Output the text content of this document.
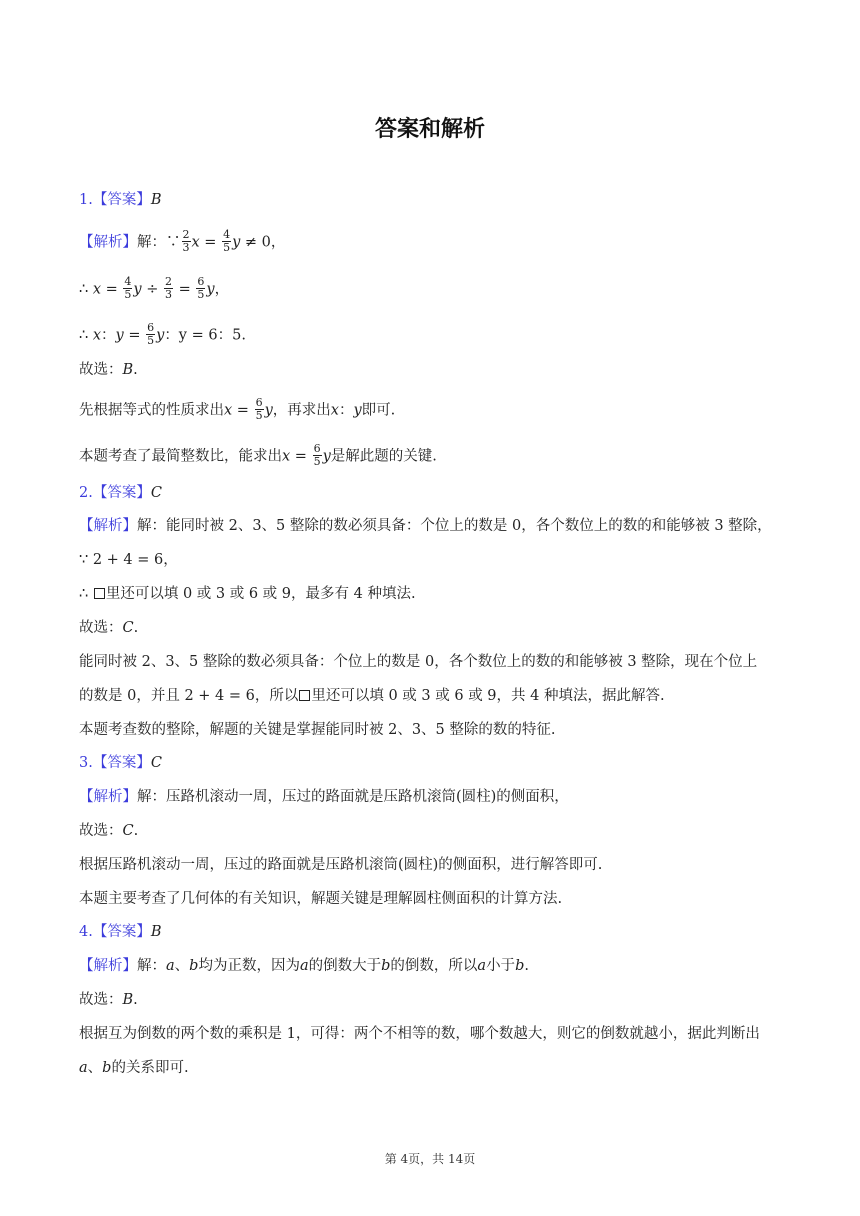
答案和解析
1.【答案】B
【解析】解：∵ $\frac{2}{3}$ $x = \frac{4}{5}$ y ≠ 0，
∴ $x = \frac{4}{5}$ $y \div \frac{2}{3} = \frac{6}{5}$ y，
∴ x：$y = \frac{6}{5}$ y：y = 6：5.
故选：B.
先根据等式的性质求出$x = \frac{6}{5}$ y，再求出x：y即可.
本题考查了最简整数比，能求出$x = \frac{6}{5}$ y是解此题的关键.
2.【答案】C
【解析】解：能同时被 2、3、5 整除的数必须具备：个位上的数是 0，各个数位上的数的和能够被 3 整除，
∵ 2 + 4 = 6，
∴ 里还可以填 0 或 3 或 6 或 9，最多有 4 种填法.
故选：C.
能同时被 2、3、5 整除的数必须具备：个位上的数是 0，各个数位上的数的和能够被 3 整除，现在个位上
的数是 0，并且 2 + 4 = 6，所以 里还可以填 0 或 3 或 6 或 9，共 4 种填法，据此解答.
本题考查数的整除，解题的关键是掌握能同时被 2、3、5 整除的数的特征.
3.【答案】C
【解析】解：压路机滚动一周，压过的路面就是压路机滚筒(圆柱)的侧面积，
故选：C.
根据压路机滚动一周，压过的路面就是压路机滚筒(圆柱)的侧面积，进行解答即可.
本题主要考查了几何体的有关知识，解题关键是理解圆柱侧面积的计算方法.
4.【答案】B
【解析】解：a、b均为正数，因为a的倒数大于b的倒数，所以a小于b.
故选：B.
根据互为倒数的两个数的乘积是 1，可得：两个不相等的数，哪个数越大，则它的倒数就越小，据此判断出
a、b的关系即可.
第 4页，共 14页
